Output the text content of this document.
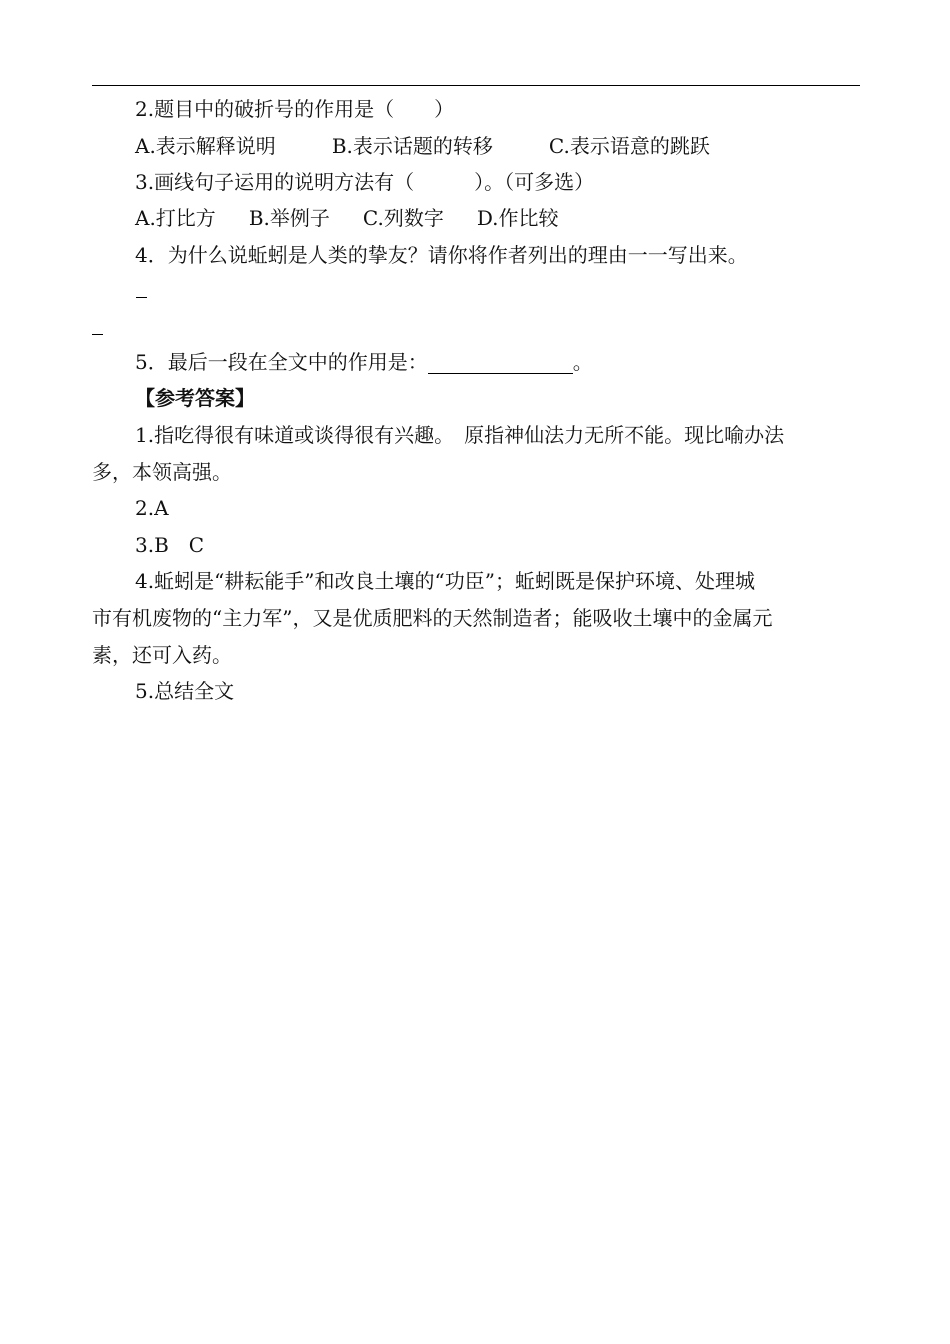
2.题目中的破折号的作用是（　　）
A.表示解释说明	B.表示话题的转移	C.表示语意的跳跃
3.画线句子运用的说明方法有（　　　）。（可多选）
A.打比方 B.举例子 C.列数字 D.作比较
4．为什么说蚯蚓是人类的挚友？请你将作者列出的理由一一写出来。
5．最后一段在全文中的作用是：	。
【参考答案】
1.指吃得很有味道或谈得很有兴趣。　原指神仙法力无所不能。现比喻办法
多，本领高强。
2.A
3.B　C
4.蚯蚓是“耕耘能手”和改良土壤的“功臣”；蚯蚓既是保护环境、处理城
市有机废物的“主力军”，又是优质肥料的天然制造者；能吸收土壤中的金属元
素，还可入药。
5.总结全文
